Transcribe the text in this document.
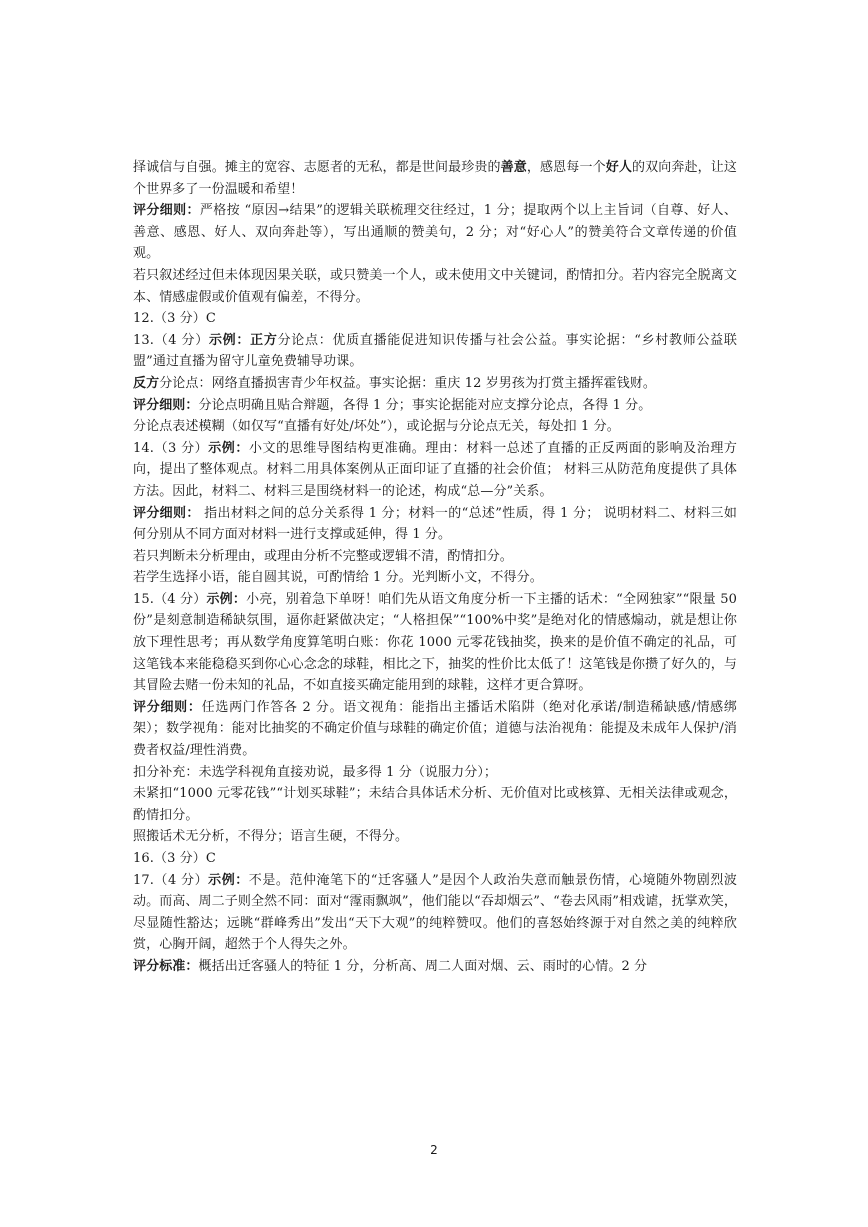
择诚信与自强。摊主的宽容、志愿者的无私，都是世间最珍贵的善意，感恩每一个好人的双向奔赴，让这个世界多了一份温暖和希望！

评分细则：严格按 “原因→结果”的逻辑关联梳理交往经过，1 分；提取两个以上主旨词（自尊、好人、善意、感恩、好人、双向奔赴等），写出通顺的赞美句，2 分；对“好心人”的赞美符合文章传递的价值观。

若只叙述经过但未体现因果关联，或只赞美一个人，或未使用文中关键词，酌情扣分。若内容完全脱离文本、情感虚假或价值观有偏差，不得分。

12.（3 分）C

13.（4 分）示例：正方分论点：优质直播能促进知识传播与社会公益。事实论据：“乡村教师公益联盟”通过直播为留守儿童免费辅导功课。

反方分论点：网络直播损害青少年权益。事实论据：重庆 12 岁男孩为打赏主播挥霍钱财。

评分细则：分论点明确且贴合辩题，各得 1 分；事实论据能对应支撑分论点，各得 1 分。

分论点表述模糊（如仅写“直播有好处/坏处”），或论据与分论点无关，每处扣 1 分。

14.（3 分）示例：小文的思维导图结构更准确。理由：材料一总述了直播的正反两面的影响及治理方向，提出了整体观点。材料二用具体案例从正面印证了直播的社会价值； 材料三从防范角度提供了具体方法。因此，材料二、材料三是围绕材料一的论述，构成“总—分”关系。

评分细则： 指出材料之间的总分关系得 1 分；材料一的“总述”性质，得 1 分； 说明材料二、材料三如何分别从不同方面对材料一进行支撑或延伸，得 1 分。

若只判断未分析理由，或理由分析不完整或逻辑不清，酌情扣分。

若学生选择小语，能自圆其说，可酌情给 1 分。光判断小文，不得分。

15.（4 分）示例：小亮，别着急下单呀！咱们先从语文角度分析一下主播的话术：“全网独家”“限量 50 份”是刻意制造稀缺氛围，逼你赶紧做决定；“人格担保”“100%中奖”是绝对化的情感煽动，就是想让你放下理性思考；再从数学角度算笔明白账：你花 1000 元零花钱抽奖，换来的是价值不确定的礼品，可这笔钱本来能稳稳买到你心心念念的球鞋，相比之下，抽奖的性价比太低了！这笔钱是你攒了好久的，与其冒险去赌一份未知的礼品，不如直接买确定能用到的球鞋，这样才更合算呀。

评分细则：任选两门作答各 2 分。语文视角：能指出主播话术陷阱（绝对化承诺/制造稀缺感/情感绑架）；数学视角：能对比抽奖的不确定价值与球鞋的确定价值；道德与法治视角：能提及未成年人保护/消费者权益/理性消费。

扣分补充：未选学科视角直接劝说，最多得 1 分（说服力分）；

未紧扣“1000 元零花钱”“计划买球鞋”；未结合具体话术分析、无价值对比或核算、无相关法律或观念，酌情扣分。

照搬话术无分析，不得分；语言生硬，不得分。

16.（3 分）C

17.（4 分）示例：不是。范仲淹笔下的“迁客骚人”是因个人政治失意而触景伤情，心境随外物剧烈波动。而高、周二子则全然不同：面对“霪雨飘飒”，他们能以“吞却烟云”、“卷去风雨”相戏谑，抚掌欢笑，尽显随性豁达；远眺“群峰秀出”发出“天下大观”的纯粹赞叹。他们的喜怒始终源于对自然之美的纯粹欣赏，心胸开阔，超然于个人得失之外。

评分标准：概括出迁客骚人的特征 1 分，分析高、周二人面对烟、云、雨时的心情。2 分

2
